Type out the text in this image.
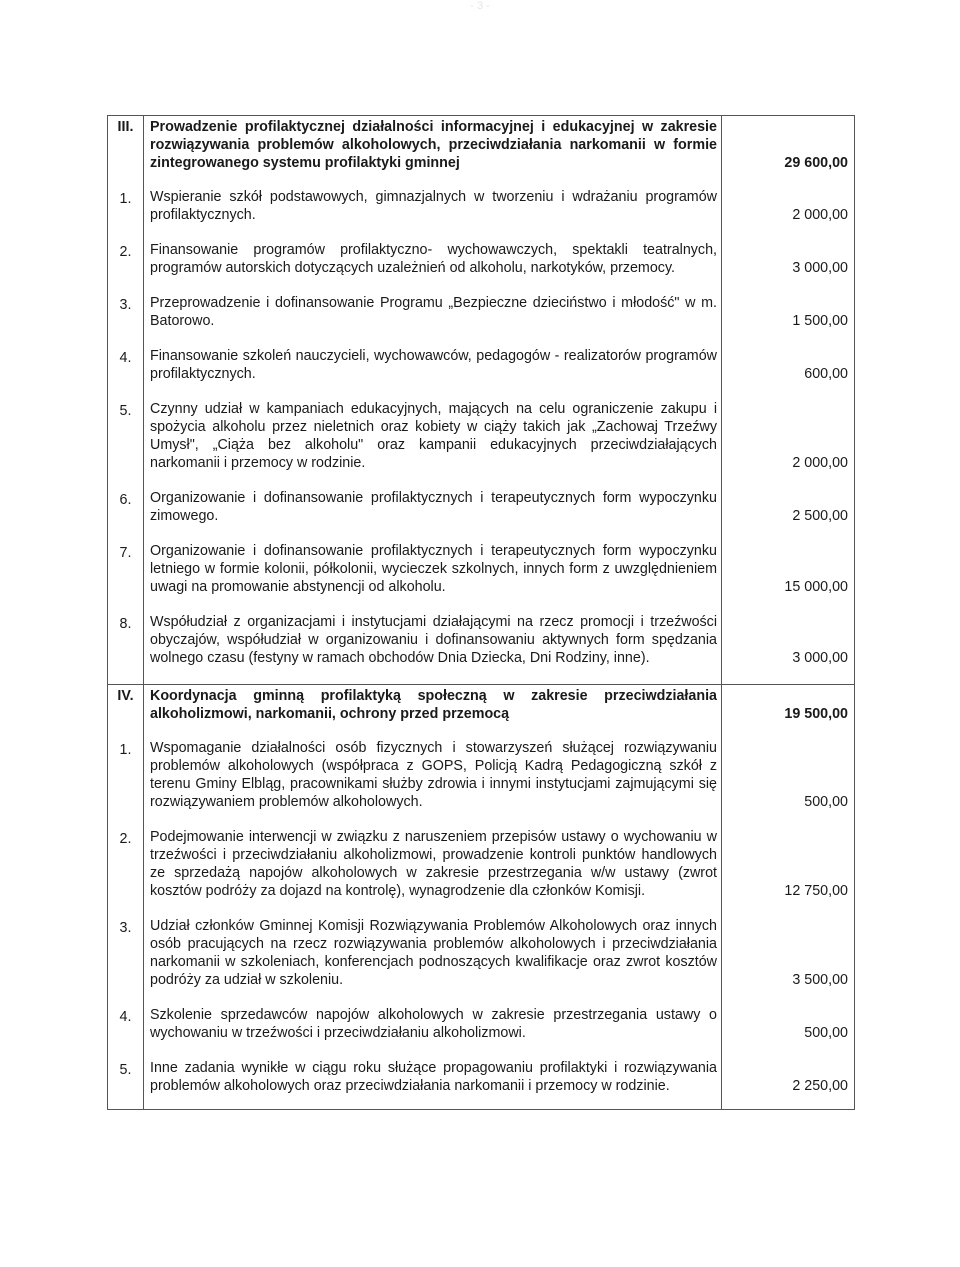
- 3 -
III.	Prowadzenie profilaktycznej działalności informacyjnej i edukacyjnej w zakresie rozwiązywania problemów alkoholowych, przeciwdziałania narkomanii w formie zintegrowanego systemu profilaktyki gminnej	29 600,00

1.	Wspieranie szkół podstawowych, gimnazjalnych w tworzeniu i wdrażaniu programów profilaktycznych.	2 000,00
2.	Finansowanie programów profilaktyczno- wychowawczych, spektakli teatralnych, programów autorskich dotyczących uzależnień od alkoholu, narkotyków, przemocy.	3 000,00
3.	Przeprowadzenie i dofinansowanie Programu „Bezpieczne dzieciństwo i młodość" w m. Batorowo.	1 500,00
4.	Finansowanie szkoleń nauczycieli, wychowawców, pedagogów - realizatorów programów profilaktycznych.	600,00
5.	Czynny udział w kampaniach edukacyjnych, mających na celu ograniczenie zakupu i spożycia alkoholu przez nieletnich oraz kobiety w ciąży takich jak „Zachowaj Trzeźwy Umysł", „Ciąża bez alkoholu" oraz kampanii edukacyjnych przeciwdziałających narkomanii i przemocy w rodzinie.	2 000,00
6.	Organizowanie i dofinansowanie profilaktycznych i terapeutycznych form wypoczynku zimowego.	2 500,00
7.	Organizowanie i dofinansowanie profilaktycznych i terapeutycznych form wypoczynku letniego w formie kolonii, półkolonii, wycieczek szkolnych, innych form z uwzględnieniem uwagi na promowanie abstynencji od alkoholu.	15 000,00
8.	Współudział z organizacjami i instytucjami działającymi na rzecz promocji i trzeźwości obyczajów, współudział w organizowaniu i dofinansowaniu aktywnych form spędzania wolnego czasu (festyny w ramach obchodów Dnia Dziecka, Dni Rodziny, inne).	3 000,00
IV.	Koordynacja gminną profilaktyką społeczną w zakresie przeciwdziałania alkoholizmowi, narkomanii, ochrony przed przemocą	19 500,00

1.	Wspomaganie działalności osób fizycznych i stowarzyszeń służącej rozwiązywaniu problemów alkoholowych (współpraca z GOPS, Policją Kadrą Pedagogiczną szkół z terenu Gminy Elbląg, pracownikami służby zdrowia i innymi instytucjami zajmującymi się rozwiązywaniem problemów alkoholowych.	500,00
2.	Podejmowanie interwencji w związku z naruszeniem przepisów ustawy o wychowaniu w trzeźwości i przeciwdziałaniu alkoholizmowi, prowadzenie kontroli punktów handlowych ze sprzedażą napojów alkoholowych w zakresie przestrzegania w/w ustawy (zwrot kosztów podróży za dojazd na kontrolę), wynagrodzenie dla członków Komisji.	12 750,00
3.	Udział członków Gminnej Komisji Rozwiązywania Problemów Alkoholowych oraz innych osób pracujących na rzecz rozwiązywania problemów alkoholowych i przeciwdziałania narkomanii w szkoleniach, konferencjach podnoszących kwalifikacje oraz zwrot kosztów podróży za udział w szkoleniu.	3 500,00
4.	Szkolenie sprzedawców napojów alkoholowych w zakresie przestrzegania ustawy o wychowaniu w trzeźwości i przeciwdziałaniu alkoholizmowi.	500,00
5.	Inne zadania wynikłe w ciągu roku służące propagowaniu profilaktyki i rozwiązywania problemów alkoholowych oraz przeciwdziałania narkomanii i przemocy w rodzinie.	2 250,00
